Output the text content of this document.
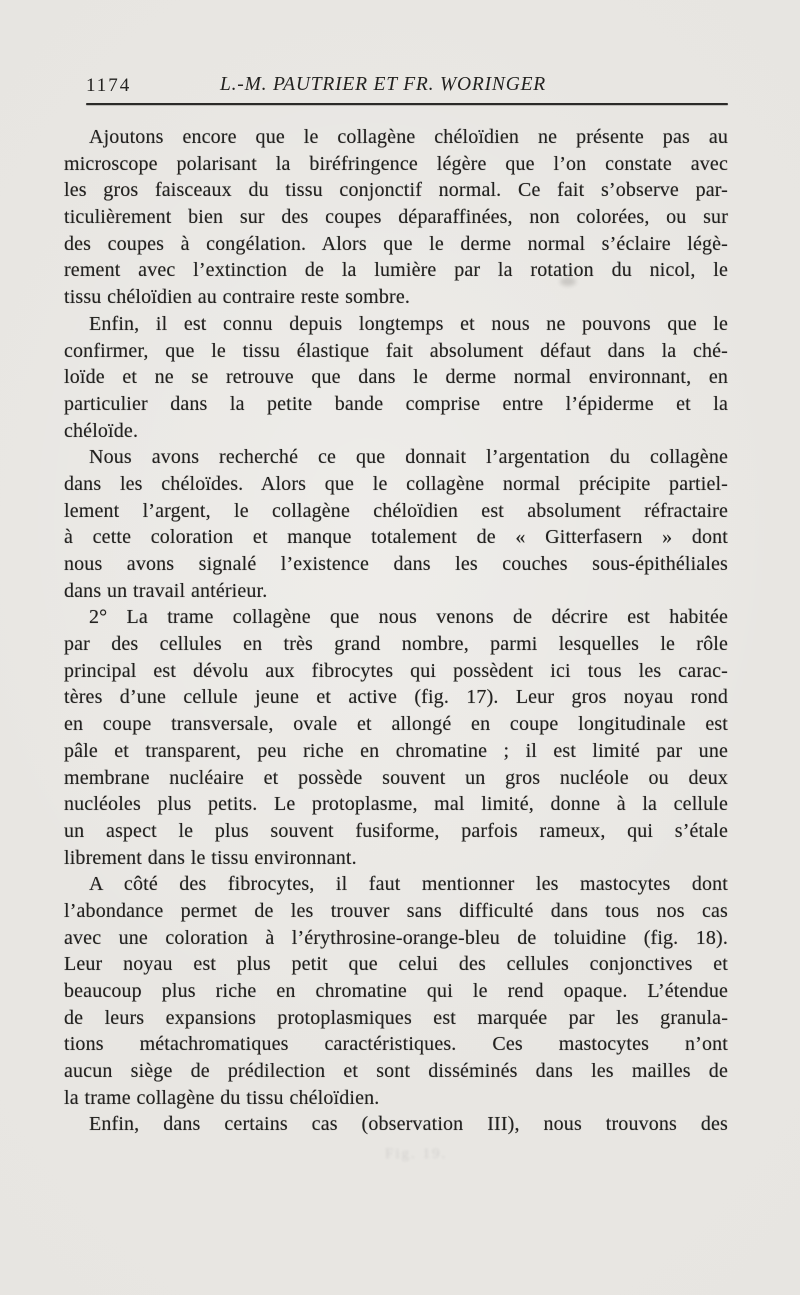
1174	L.-M. PAUTRIER ET FR. WORINGER
Ajoutons encore que le collagène chéloïdien ne présente pas au
microscope polarisant la biréfringence légère que l’on constate avec
les gros faisceaux du tissu conjonctif normal. Ce fait s’observe par-
ticulièrement bien sur des coupes déparaffinées, non colorées, ou sur
des coupes à congélation. Alors que le derme normal s’éclaire légè-
rement avec l’extinction de la lumière par la rotation du nicol, le
tissu chéloïdien au contraire reste sombre.
Enfin, il est connu depuis longtemps et nous ne pouvons que le
confirmer, que le tissu élastique fait absolument défaut dans la ché-
loïde et ne se retrouve que dans le derme normal environnant, en
particulier dans la petite bande comprise entre l’épiderme et la
chéloïde.
Nous avons recherché ce que donnait l’argentation du collagène
dans les chéloïdes. Alors que le collagène normal précipite partiel-
lement l’argent, le collagène chéloïdien est absolument réfractaire
à cette coloration et manque totalement de « Gitterfasern » dont
nous avons signalé l’existence dans les couches sous-épithéliales
dans un travail antérieur.
2° La trame collagène que nous venons de décrire est habitée
par des cellules en très grand nombre, parmi lesquelles le rôle
principal est dévolu aux fibrocytes qui possèdent ici tous les carac-
tères d’une cellule jeune et active (fig. 17). Leur gros noyau rond
en coupe transversale, ovale et allongé en coupe longitudinale est
pâle et transparent, peu riche en chromatine ; il est limité par une
membrane nucléaire et possède souvent un gros nucléole ou deux
nucléoles plus petits. Le protoplasme, mal limité, donne à la cellule
un aspect le plus souvent fusiforme, parfois rameux, qui s’étale
librement dans le tissu environnant.
A côté des fibrocytes, il faut mentionner les mastocytes dont
l’abondance permet de les trouver sans difficulté dans tous nos cas
avec une coloration à l’érythrosine-orange-bleu de toluidine (fig. 18).
Leur noyau est plus petit que celui des cellules conjonctives et
beaucoup plus riche en chromatine qui le rend opaque. L’étendue
de leurs expansions protoplasmiques est marquée par les granula-
tions métachromatiques caractéristiques. Ces mastocytes n’ont
aucun siège de prédilection et sont disséminés dans les mailles de
la trame collagène du tissu chéloïdien.
Enfin, dans certains cas (observation III), nous trouvons des
Fig. 19.
